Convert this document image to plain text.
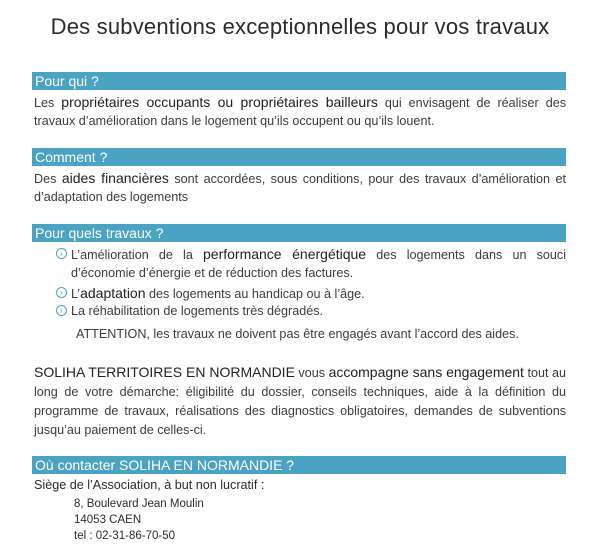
Des subventions exceptionnelles pour vos travaux
Pour qui ?
Les propriétaires occupants ou propriétaires bailleurs qui envisagent de réaliser des travaux d’amélioration dans le logement qu’ils occupent ou qu’ils louent.
Comment ?
Des aides financières sont accordées, sous conditions, pour des travaux d’amélioration et d’adaptation des logements
Pour quels travaux ?
› L’amélioration de la performance énergétique des logements dans un souci d’économie d’énergie et de réduction des factures.
› L’adaptation des logements au handicap ou à l’âge.
› La réhabilitation de logements très dégradés.
ATTENTION, les travaux ne doivent pas être engagés avant l’accord des aides.
SOLIHA TERRITOIRES EN NORMANDIE vous accompagne sans engagement tout au long de votre démarche: éligibilité du dossier, conseils techniques, aide à la définition du programme de travaux, réalisations des diagnostics obligatoires, demandes de subventions jusqu’au paiement de celles-ci.
Où contacter SOLIHA EN NORMANDIE ?
Siège de l’Association, à but non lucratif :
8, Boulevard Jean Moulin
14053 CAEN
tel : 02-31-86-70-50
